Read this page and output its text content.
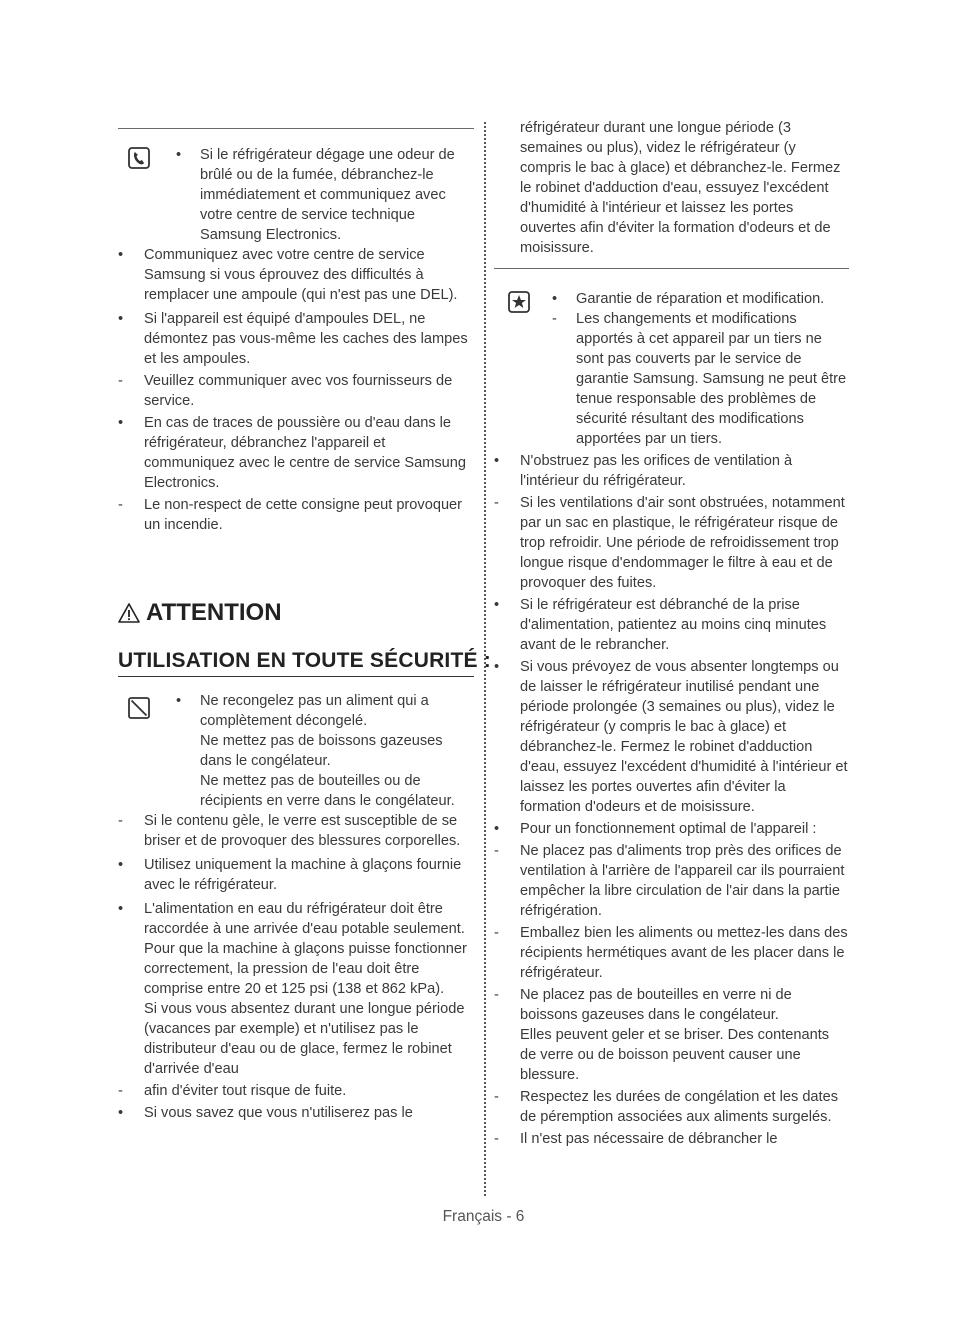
•	Si le réfrigérateur dégage une odeur de brûlé ou de la fumée, débranchez-le immédiatement et communiquez avec votre centre de service technique Samsung Electronics.

•	Communiquez avec votre centre de service Samsung si vous éprouvez des difficultés à remplacer une ampoule (qui n'est pas une DEL).

•	Si l'appareil est équipé d'ampoules DEL, ne démontez pas vous-même les caches des lampes et les ampoules.

-	Veuillez communiquer avec vos fournisseurs de service.

•	En cas de traces de poussière ou d'eau dans le réfrigérateur, débranchez l'appareil et communiquez avec le centre de service Samsung Electronics.

-	Le non-respect de cette consigne peut provoquer un incendie.

ATTENTION
UTILISATION EN TOUTE SÉCURITÉ :

•	Ne recongelez pas un aliment qui a complètement décongelé.

Ne mettez pas de boissons gazeuses dans le congélateur.

Ne mettez pas de bouteilles ou de récipients en verre dans le congélateur.

-	Si le contenu gèle, le verre est susceptible de se briser et de provoquer des blessures corporelles.

•	Utilisez uniquement la machine à glaçons fournie avec le réfrigérateur.

•	L'alimentation en eau du réfrigérateur doit être raccordée à une arrivée d'eau potable seulement.

Pour que la machine à glaçons puisse fonctionner correctement, la pression de l'eau doit être comprise entre 20 et 125 psi (138 et 862 kPa).

Si vous vous absentez durant une longue période (vacances par exemple) et n'utilisez pas le distributeur d'eau ou de glace, fermez le robinet d'arrivée d'eau

-	afin d'éviter tout risque de fuite.

•	Si vous savez que vous n'utiliserez pas le

réfrigérateur durant une longue période (3 semaines ou plus), videz le réfrigérateur (y compris le bac à glace) et débranchez-le. Fermez le robinet d'adduction d'eau, essuyez l'excédent d'humidité à l'intérieur et laissez les portes ouvertes afin d'éviter la formation d'odeurs et de moisissure.

•	Garantie de réparation et modification.

-	Les changements et modifications apportés à cet appareil par un tiers ne sont pas couverts par le service de garantie Samsung. Samsung ne peut être tenue responsable des problèmes de sécurité résultant des modifications apportées par un tiers.

•	N'obstruez pas les orifices de ventilation à l'intérieur du réfrigérateur.

-	Si les ventilations d'air sont obstruées, notamment par un sac en plastique, le réfrigérateur risque de trop refroidir. Une période de refroidissement trop longue risque d'endommager le filtre à eau et de provoquer des fuites.

•	Si le réfrigérateur est débranché de la prise d'alimentation, patientez au moins cinq minutes avant de le rebrancher.

•	Si vous prévoyez de vous absenter longtemps ou de laisser le réfrigérateur inutilisé pendant une période prolongée (3 semaines ou plus), videz le réfrigérateur (y compris le bac à glace) et débranchez-le. Fermez le robinet d'adduction d'eau, essuyez l'excédent d'humidité à l'intérieur et laissez les portes ouvertes afin d'éviter la formation d'odeurs et de moisissure.

•	Pour un fonctionnement optimal de l'appareil :

-	Ne placez pas d'aliments trop près des orifices de ventilation à l'arrière de l'appareil car ils pourraient empêcher la libre circulation de l'air dans la partie réfrigération.

-	Emballez bien les aliments ou mettez-les dans des récipients hermétiques avant de les placer dans le réfrigérateur.

-	Ne placez pas de bouteilles en verre ni de boissons gazeuses dans le congélateur.

Elles peuvent geler et se briser. Des contenants de verre ou de boisson peuvent causer une blessure.

-	Respectez les durées de congélation et les dates de péremption associées aux aliments surgelés.

-	Il n'est pas nécessaire de débrancher le

Français - 6
